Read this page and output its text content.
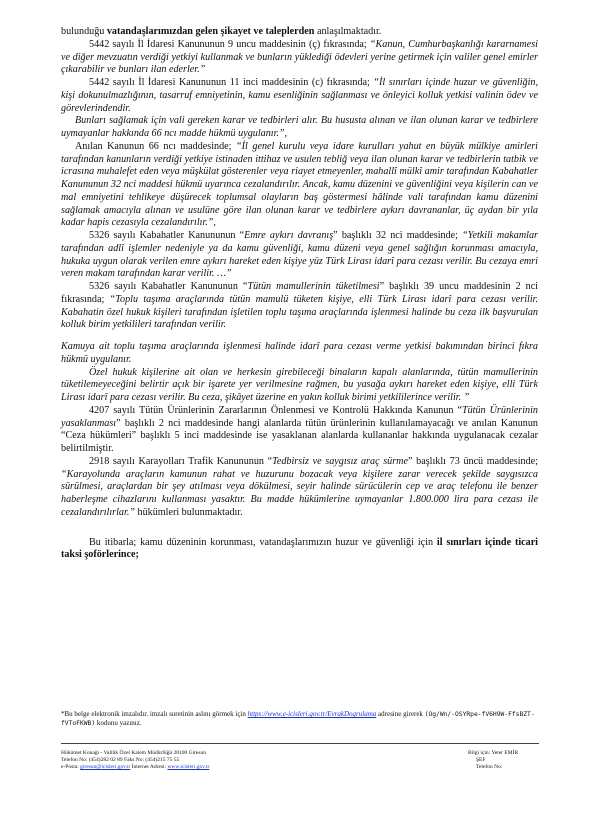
bulunduğu vatandaşlarımızdan gelen şikayet ve taleplerden anlaşılmaktadır.

5442 sayılı İl İdaresi Kanununun 9 uncu maddesinin (ç) fıkrasında; “Kanun, Cumhurbaşkanlığı kararnamesi ve diğer mevzuatın verdiği yetkiyi kullanmak ve bunların yüklediği ödevleri yerine getirmek için valiler genel emirler çıkarabilir ve bunları ilan ederler.”

5442 sayılı İl İdaresi Kanununun 11 inci maddesinin (c) fıkrasında; “İl sınırları içinde huzur ve güvenliğin, kişi dokunulmazlığının, tasarruf emniyetinin, kamu esenliğinin sağlanması ve önleyici kolluk yetkisi valinin ödev ve görevlerindendir.

Bunları sağlamak için vali gereken karar ve tedbirleri alır. Bu hususta alınan ve ilan olunan karar ve tedbirlere uymayanlar hakkında 66 ncı madde hükmü uygulanır.”,

Anılan Kanunun 66 ncı maddesinde; “İl genel kurulu veya idare kurulları yahut en büyük mülkiye amirleri tarafından kanunların verdiği yetkiye istinaden ittihaz ve usulen tebliğ veya ilan olunan karar ve tedbirlerin tatbik ve icrasına muhalefet eden veya müşkülat gösterenler veya riayet etmeyenler, mahallî mülkî amir tarafından Kabahatler Kanununun 32 nci maddesi hükmü uyarınca cezalandırılır. Ancak, kamu düzenini ve güvenliğini veya kişilerin can ve mal emniyetini tehlikeye düşürecek toplumsal olayların baş göstermesi hâlinde vali tarafından kamu düzenini sağlamak amacıyla alınan ve usulüne göre ilan olunan karar ve tedbirlere aykırı davrananlar, üç aydan bir yıla kadar hapis cezasıyla cezalandırılır.”,

5326 sayılı Kabahatler Kanununun “Emre aykırı davranış” başlıklı 32 nci maddesinde; “Yetkili makamlar tarafından adlî işlemler nedeniyle ya da kamu güvenliği, kamu düzeni veya genel sağlığın korunması amacıyla, hukuka uygun olarak verilen emre aykırı hareket eden kişiye yüz Türk Lirası idarî para cezası verilir. Bu cezaya emri veren makam tarafından karar verilir. …”

5326 sayılı Kabahatler Kanununun “Tütün mamullerinin tüketilmesi” başlıklı 39 uncu maddesinin 2 nci fıkrasında; “Toplu taşıma araçlarında tütün mamulü tüketen kişiye, elli Türk Lirası idarî para cezası verilir. Kabahatin özel hukuk kişileri tarafından işletilen toplu taşıma araçlarında işlenmesi halinde bu ceza ilk başvurulan kolluk birim yetkilileri tarafından verilir.

Kamuya ait toplu taşıma araçlarında işlenmesi halinde idarî para cezası verme yetkisi bakımından birinci fıkra hükmü uygulanır.

Özel hukuk kişilerine ait olan ve herkesin girebileceği binaların kapalı alanlarında, tütün mamullerinin tüketilemeyeceğini belirtir açık bir işarete yer verilmesine rağmen, bu yasağa aykırı hareket eden kişiye, elli Türk Lirası idarî para cezası verilir. Bu ceza, şikâyet üzerine en yakın kolluk birimi yetkililerince verilir. ”

4207 sayılı Tütün Ürünlerinin Zararlarının Önlenmesi ve Kontrolü Hakkında Kanunun “Tütün Ürünlerinin yasaklanması” başlıklı 2 nci maddesinde hangi alanlarda tütün ürünlerinin kullanılamayacağı ve anılan Kanunun “Ceza hükümleri” başlıklı 5 inci maddesinde ise yasaklanan alanlarda kullananlar hakkında uygulanacak cezalar belirtilmiştir.

2918 sayılı Karayolları Trafik Kanununun “Tedbirsiz ve saygısız araç sürme” başlıklı 73 üncü maddesinde; “Karayolunda araçların kamunun rahat ve huzurunu bozacak veya kişilere zarar verecek şekilde saygısızca sürülmesi, araçlardan bir şey atılması veya dökülmesi, seyir halinde sürücülerin cep ve araç telefonu ile benzer haberleşme cihazlarını kullanması yasaktır. Bu madde hükümlerine uymayanlar 1.800.000 lira para cezası ile cezalandırılırlar.” hükümleri bulunmaktadır.

Bu itibarla; kamu düzeninin korunması, vatandaşlarımızın huzur ve güvenliği için il sınırları içinde ticari taksi şoförlerince;

*Bu belge elektronik imzalıdır. imzalı suretinin aslını görmek için https://www.e-icisleri.gov.tr/EvrakDogrulama adresine girerek (Og/Wn/-OSYRpe-fV6H9W-FfsBZT-fVToFKWB) kodunu yazınız.
Hükümet Konağı - Valilik Özel Kalem Müdürlüğü 28100 Giresun
Telefon No: (454)282 02 89 Faks No: (454)215 75 55
e-Posta: giresun@icisleri.gov.tr İnternet Adresi: www.icisleri.gov.tr
Bilgi için: Yeter EMİR
ŞEF
Telefon No:
